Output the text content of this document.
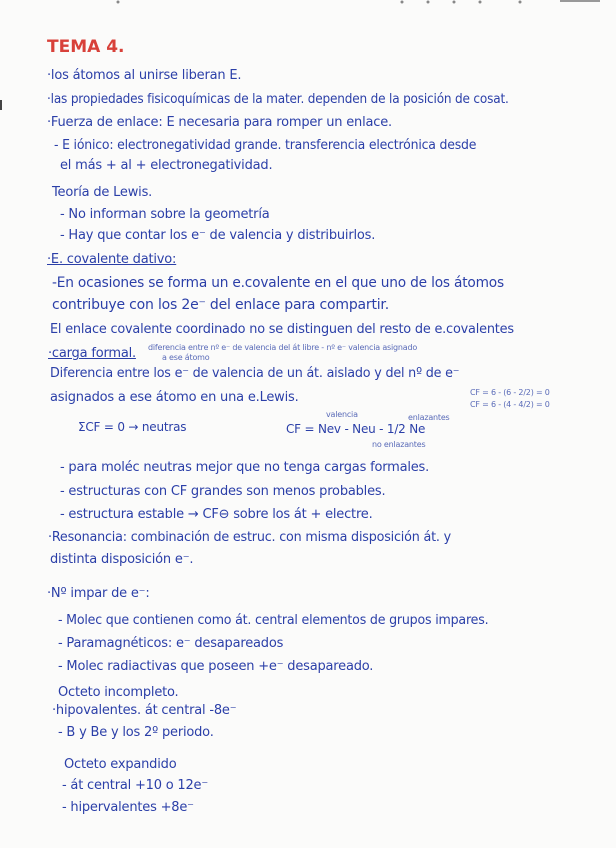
TEMA 4.
·los átomos al unirse liberan E.
·las propiedades fisicoquímicas de la mater. dependen de la posición de cosat.
·Fuerza de enlace: E necesaria para romper un enlace.
- E iónico: electronegatividad grande. transferencia electrónica desde
el más + al + electronegatividad.
Teoría de Lewis.
- No informan sobre la geometría
- Hay que contar los e⁻ de valencia y distribuirlos.
·E. covalente dativo:
-En ocasiones se forma un e.covalente en el que uno de los átomos
contribuye con los 2e⁻ del enlace para compartir.
El enlace covalente coordinado no se distinguen del resto de e.covalentes
·carga formal. diferencia entre nº e⁻ de valencia del át libre - nº e⁻ valencia asignado
a ese átomo
Diferencia entre los e⁻ de valencia de un át. aislado y del nº de e⁻
asignados a ese átomo en una e.Lewis.	CF = 6 - (6 - 2/2) = 0
CF = 6 - (4 - 4/2) = 0
valencia
ΣCF = 0 → neutras	CF = Nev - Neu - 1/2 Ne
enlazantes
no enlazantes
- para moléc neutras mejor que no tenga cargas formales.
- estructuras con CF grandes son menos probables.
- estructura estable → CF⊖ sobre los át + electre.
·Resonancia: combinación de estruc. con misma disposición át. y
distinta disposición e⁻.
·Nº impar de e⁻:
- Molec que contienen como át. central elementos de grupos impares.
- Paramagnéticos: e⁻ desapareados
- Molec radiactivas que poseen +e⁻ desapareado.
Octeto incompleto.
·hipovalentes. át central -8e⁻
- B y Be y los 2º periodo.
Octeto expandido
- át central +10 o 12e⁻
- hipervalentes +8e⁻
